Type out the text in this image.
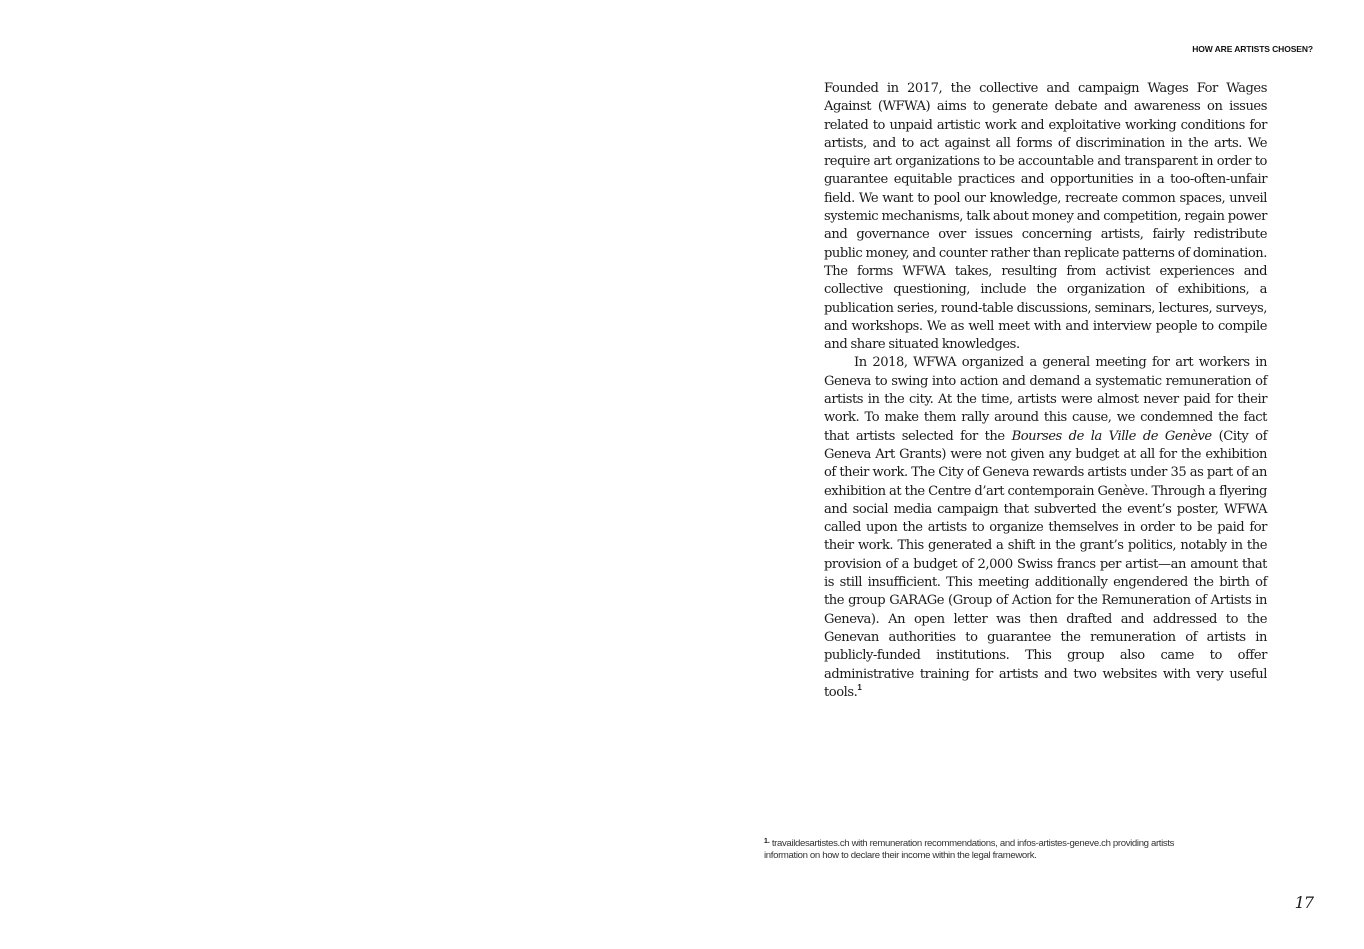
HOW ARE ARTISTS CHOSEN?

Founded in 2017, the collective and campaign Wages For Wages Against (WFWA) aims to generate debate and awareness on issues related to unpaid artistic work and exploitative working conditions for artists, and to act against all forms of discrimination in the arts. We require art organizations to be accountable and transparent in order to guarantee equitable practices and opportunities in a too-often-unfair field. We want to pool our knowledge, recreate common spaces, unveil systemic mechanisms, talk about money and competition, regain power and governance over issues concerning artists, fairly redistribute public money, and counter rather than replicate patterns of domination. The forms WFWA takes, resulting from activist experiences and collective questioning, include the organization of exhibitions, a publication series, round-table discussions, seminars, lectures, surveys, and workshops. We as well meet with and interview people to compile and share situated knowledges.

In 2018, WFWA organized a general meeting for art workers in Geneva to swing into action and demand a systematic remuneration of artists in the city. At the time, artists were almost never paid for their work. To make them rally around this cause, we condemned the fact that artists selected for the Bourses de la Ville de Genève (City of Geneva Art Grants) were not given any budget at all for the exhibition of their work. The City of Geneva rewards artists under 35 as part of an exhibition at the Centre d’art contemporain Genève. Through a flyering and social media campaign that subverted the event’s poster, WFWA called upon the artists to organize themselves in order to be paid for their work. This generated a shift in the grant’s politics, notably in the provision of a budget of 2,000 Swiss francs per artist—an amount that is still insufficient. This meeting additionally engendered the birth of the group GARAGe (Group of Action for the Remuneration of Artists in Geneva). An open letter was then drafted and addressed to the Genevan authorities to guarantee the remuneration of artists in publicly-funded institutions. This group also came to offer administrative training for artists and two websites with very useful tools.$^1$

$^{1.}$ travaildesartistes.ch with remuneration recommendations, and infos-artistes-geneve.ch providing artists information on how to declare their income within the legal framework.

17
